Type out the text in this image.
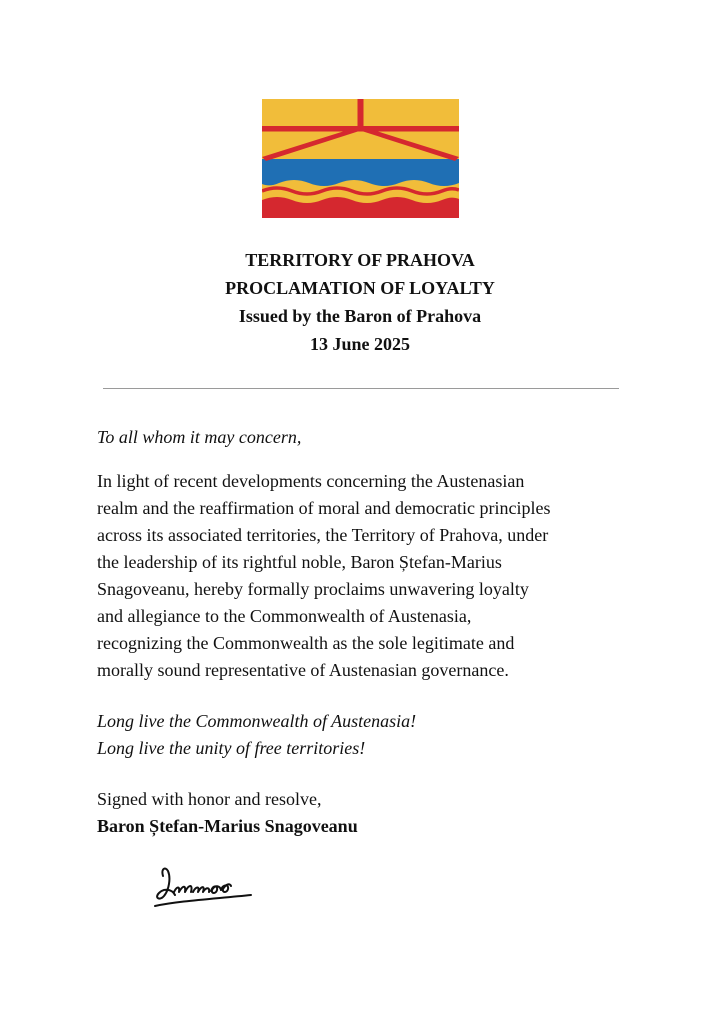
TERRITORY OF PRAHOVA
PROCLAMATION OF LOYALTY
Issued by the Baron of Prahova
13 June 2025
To all whom it may concern,
In light of recent developments concerning the Austenasian
realm and the reaffirmation of moral and democratic principles
across its associated territories, the Territory of Prahova, under
the leadership of its rightful noble, Baron Ștefan-Marius
Snagoveanu, hereby formally proclaims unwavering loyalty
and allegiance to the Commonwealth of Austenasia,
recognizing the Commonwealth as the sole legitimate and
morally sound representative of Austenasian governance.
Long live the Commonwealth of Austenasia!
Long live the unity of free territories!
Signed with honor and resolve,
Baron Ștefan-Marius Snagoveanu
